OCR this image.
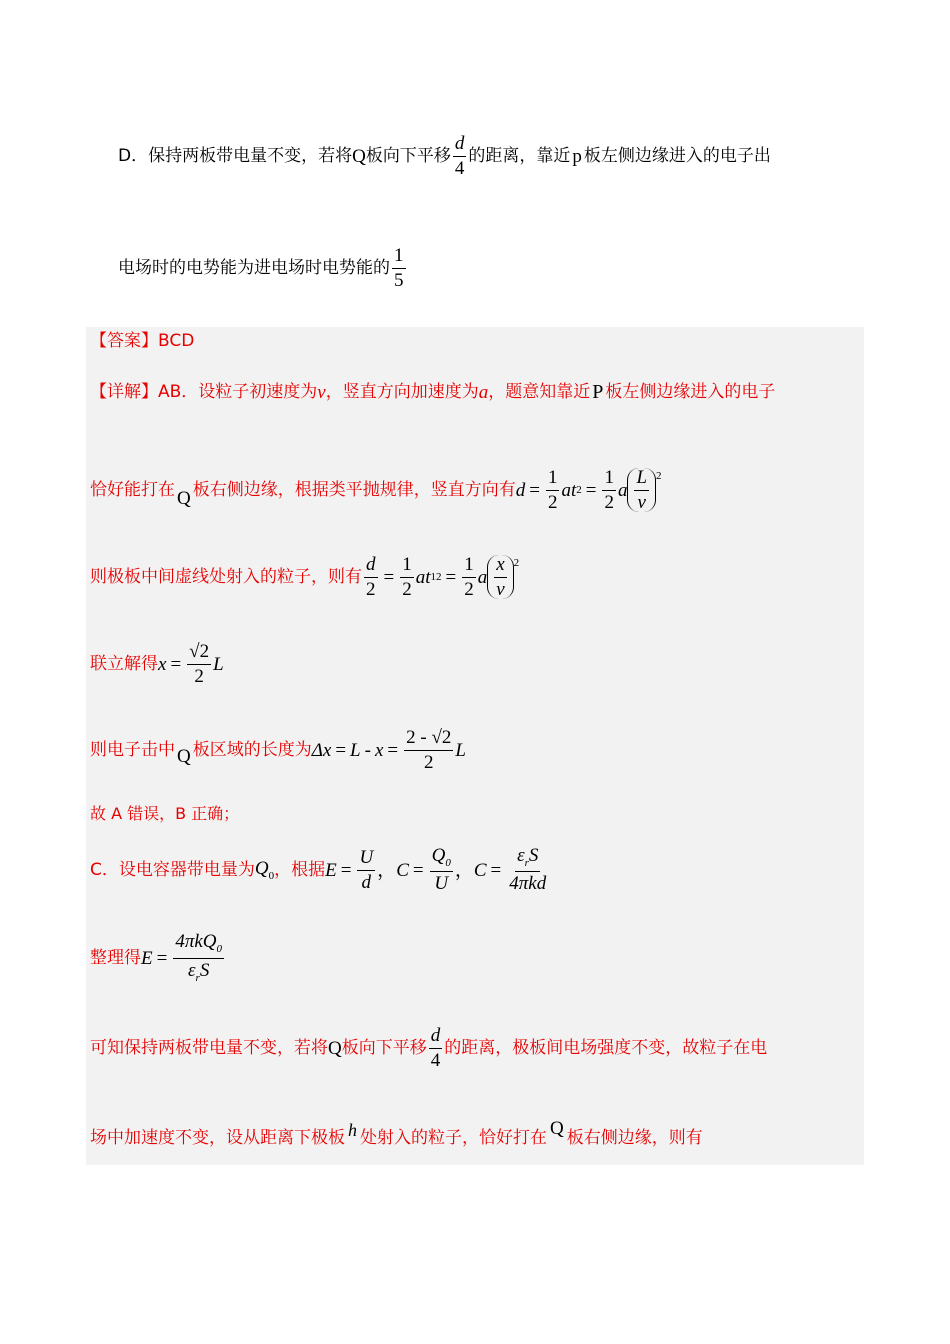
D． 保持两板带电量不变，若将 Q 板向下平移 $\frac{d}{4}$ 的距离，靠近 p 板左侧边缘进入的电子出
电场时的电势能为进电场时电势能的 $\frac{1}{5}$
【答案】BCD
【详解】 AB．设粒子初速度为 v ，竖直方向加速度为 a ，题意知靠近 P 板左侧边缘进入的电子
恰好能打在 Q 板右侧边缘，根据类平抛规律，竖直方向有 $d = \frac{1}{2}$ at $2 = \frac{1}{2}$ a $\frac{L}{v} 2$
则极板中间虚线处射入的粒子，则有 $\frac{d}{2} = \frac{1}{2}$ at 1 $2 = \frac{1}{2}$ a $\frac{x}{v} 2$
联立解得 $x = \frac{√2}{2}$ L
则电子击中 Q 板区域的长度为 $\Delta x = L - x = \frac{2 - √2}{2}$ L
故 A 错误，B 正确；
C．设电容器带电量为 $Q_0$ ，根据 $E = \frac{U}{d}$ ， $C = \frac{Q_0}{U}$ ， $C = \frac{\varepsilon_rS}{\text{4πkd}}$
整理得 $E = \frac{4\pi kQ_0}{\varepsilon_rS}$
可知保持两板带电量不变，若将 Q 板向下平移 $\frac{d}{4}$ 的距离，极板间电场强度不变，故粒子在电
场中加速度不变，设从距离下极板 h 处射入的粒子，恰好打在 Q 板右侧边缘，则有
